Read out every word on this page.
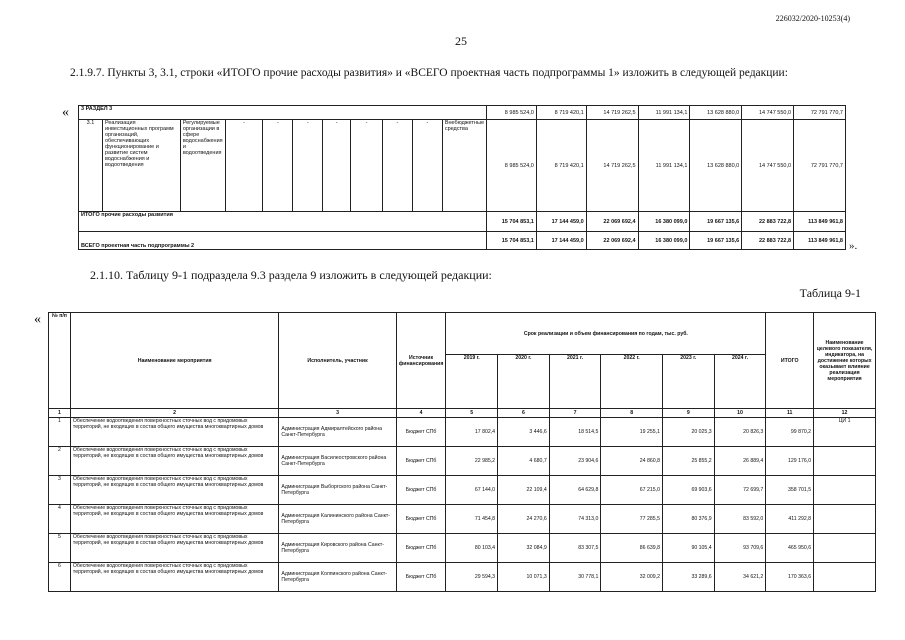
226032/2020-10253(4)
25
2.1.9.7. Пункты 3, 3.1, строки «ИТОГО прочие расходы развития» и «ВСЕГО проектная часть подпрограммы 1» изложить в следующей редакции:
« 3 РАЗДЕЛ 3											8 985 524,0	8 719 420,1	14 719 262,5	11 991 134,1	13 628 880,0	14 747 550,0	72 791 770,7
3.1	Реализация инвестиционных программ организаций, обеспечивающих функционирование и развитие систем водоснабжения и водоотведения	Регулируемые организации в сфере водоснабжения и водоотведения	-	-	-	-	-	-	-	Внебюджетные средства	8 985 524,0	8 719 420,1	14 719 262,5	11 991 134,1	13 628 880,0	14 747 550,0	72 791 770,7
ИТОГО прочие расходы развития											15 704 853,1	17 144 459,0	22 069 692,4	16 380 099,0	19 667 135,6	22 883 722,8	113 849 961,8
ВСЕГО проектная часть подпрограммы 2											15 704 853,1	17 144 459,0	22 069 692,4	16 380 099,0	19 667 135,6	22 883 722,8	113 849 961,8 ».
2.1.10. Таблицу 9-1 подраздела 9.3 раздела 9 изложить в следующей редакции:
Таблица 9-1
« № п/п	Наименование мероприятия	Исполнитель, участник	Источник финансирования	Срок реализации и объем финансирования по годам, тыс. руб.						ИТОГО	Наименование целевого показателя, индикатора, на достижение которых оказывает влияние реализация мероприятия
				2019 г.	2020 г.	2021 г.	2022 г.	2023 г.	2024 г.		
1	2	3	4	5	6	7	8	9	10	11	12
1	Обеспечение водоотведения поверхностных сточных вод с придомовых территорий, не входящих в состав общего имущества многоквартирных домов	Администрация Адмиралтейского района Санкт-Петербурга	Бюджет СПб	17 802,4	3 446,6	18 514,5	19 255,1	20 025,3	20 826,3	99 870,2	ЦИ 1
2	Обеспечение водоотведения поверхностных сточных вод с придомовых территорий, не входящих в состав общего имущества многоквартирных домов	Администрация Василеостровского района Санкт-Петербурга	Бюджет СПб	22 985,2	4 680,7	23 904,6	24 860,8	25 855,2	26 889,4	129 176,0	
3	Обеспечение водоотведения поверхностных сточных вод с придомовых территорий, не входящих в состав общего имущества многоквартирных домов	Администрация Выборгского района Санкт-Петербурга	Бюджет СПб	67 144,0	22 109,4	64 629,8	67 215,0	69 903,6	72 699,7	358 701,5	
4	Обеспечение водоотведения поверхностных сточных вод с придомовых территорий, не входящих в состав общего имущества многоквартирных домов	Администрация Калининского района Санкт-Петербурга	Бюджет СПб	71 454,8	24 270,6	74 313,0	77 285,5	80 376,9	83 592,0	411 292,8	
5	Обеспечение водоотведения поверхностных сточных вод с придомовых территорий, не входящих в состав общего имущества многоквартирных домов	Администрация Кировского района Санкт-Петербурга	Бюджет СПб	80 103,4	32 084,9	83 307,5	86 639,8	90 105,4	93 709,6	465 950,6	
6	Обеспечение водоотведения поверхностных сточных вод с придомовых территорий, не входящих в состав общего имущества многоквартирных домов	Администрация Колпинского района Санкт-Петербурга	Бюджет СПб	29 594,3	10 071,3	30 778,1	32 009,2	33 289,6	34 621,2	170 363,6	
